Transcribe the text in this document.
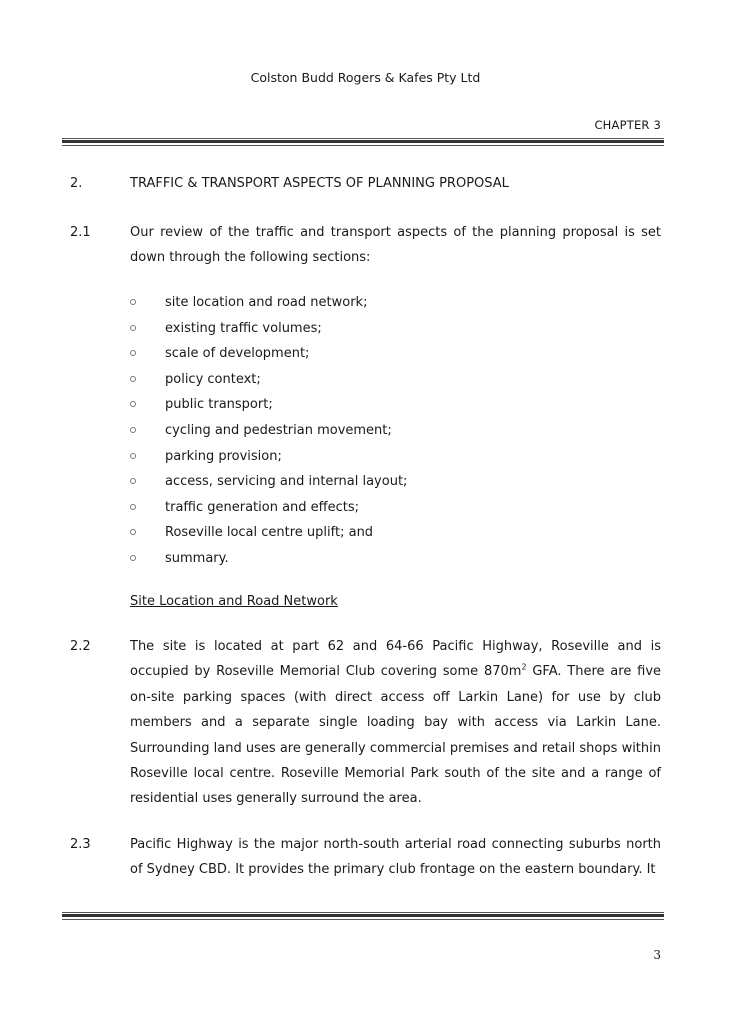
Colston Budd Rogers & Kafes Pty Ltd
CHAPTER 3
2.	TRAFFIC & TRANSPORT ASPECTS OF PLANNING PROPOSAL
2.1	Our review of the traffic and transport aspects of the planning proposal is set down through the following sections:

site location and road network;
existing traffic volumes;
scale of development;
policy context;
public transport;
cycling and pedestrian movement;
parking provision;
access, servicing and internal layout;
traffic generation and effects;
Roseville local centre uplift; and
summary.
Site Location and Road Network
2.2	The site is located at part 62 and 64-66 Pacific Highway, Roseville and is occupied by Roseville Memorial Club covering some $870m^2$ GFA. There are five on-site parking spaces (with direct access off Larkin Lane) for use by club members and a separate single loading bay with access via Larkin Lane. Surrounding land uses are generally commercial premises and retail shops within Roseville local centre. Roseville Memorial Park south of the site and a range of residential uses generally surround the area.

2.3	Pacific Highway is the major north-south arterial road connecting suburbs north of Sydney CBD. It provides the primary club frontage on the eastern boundary. It

3
